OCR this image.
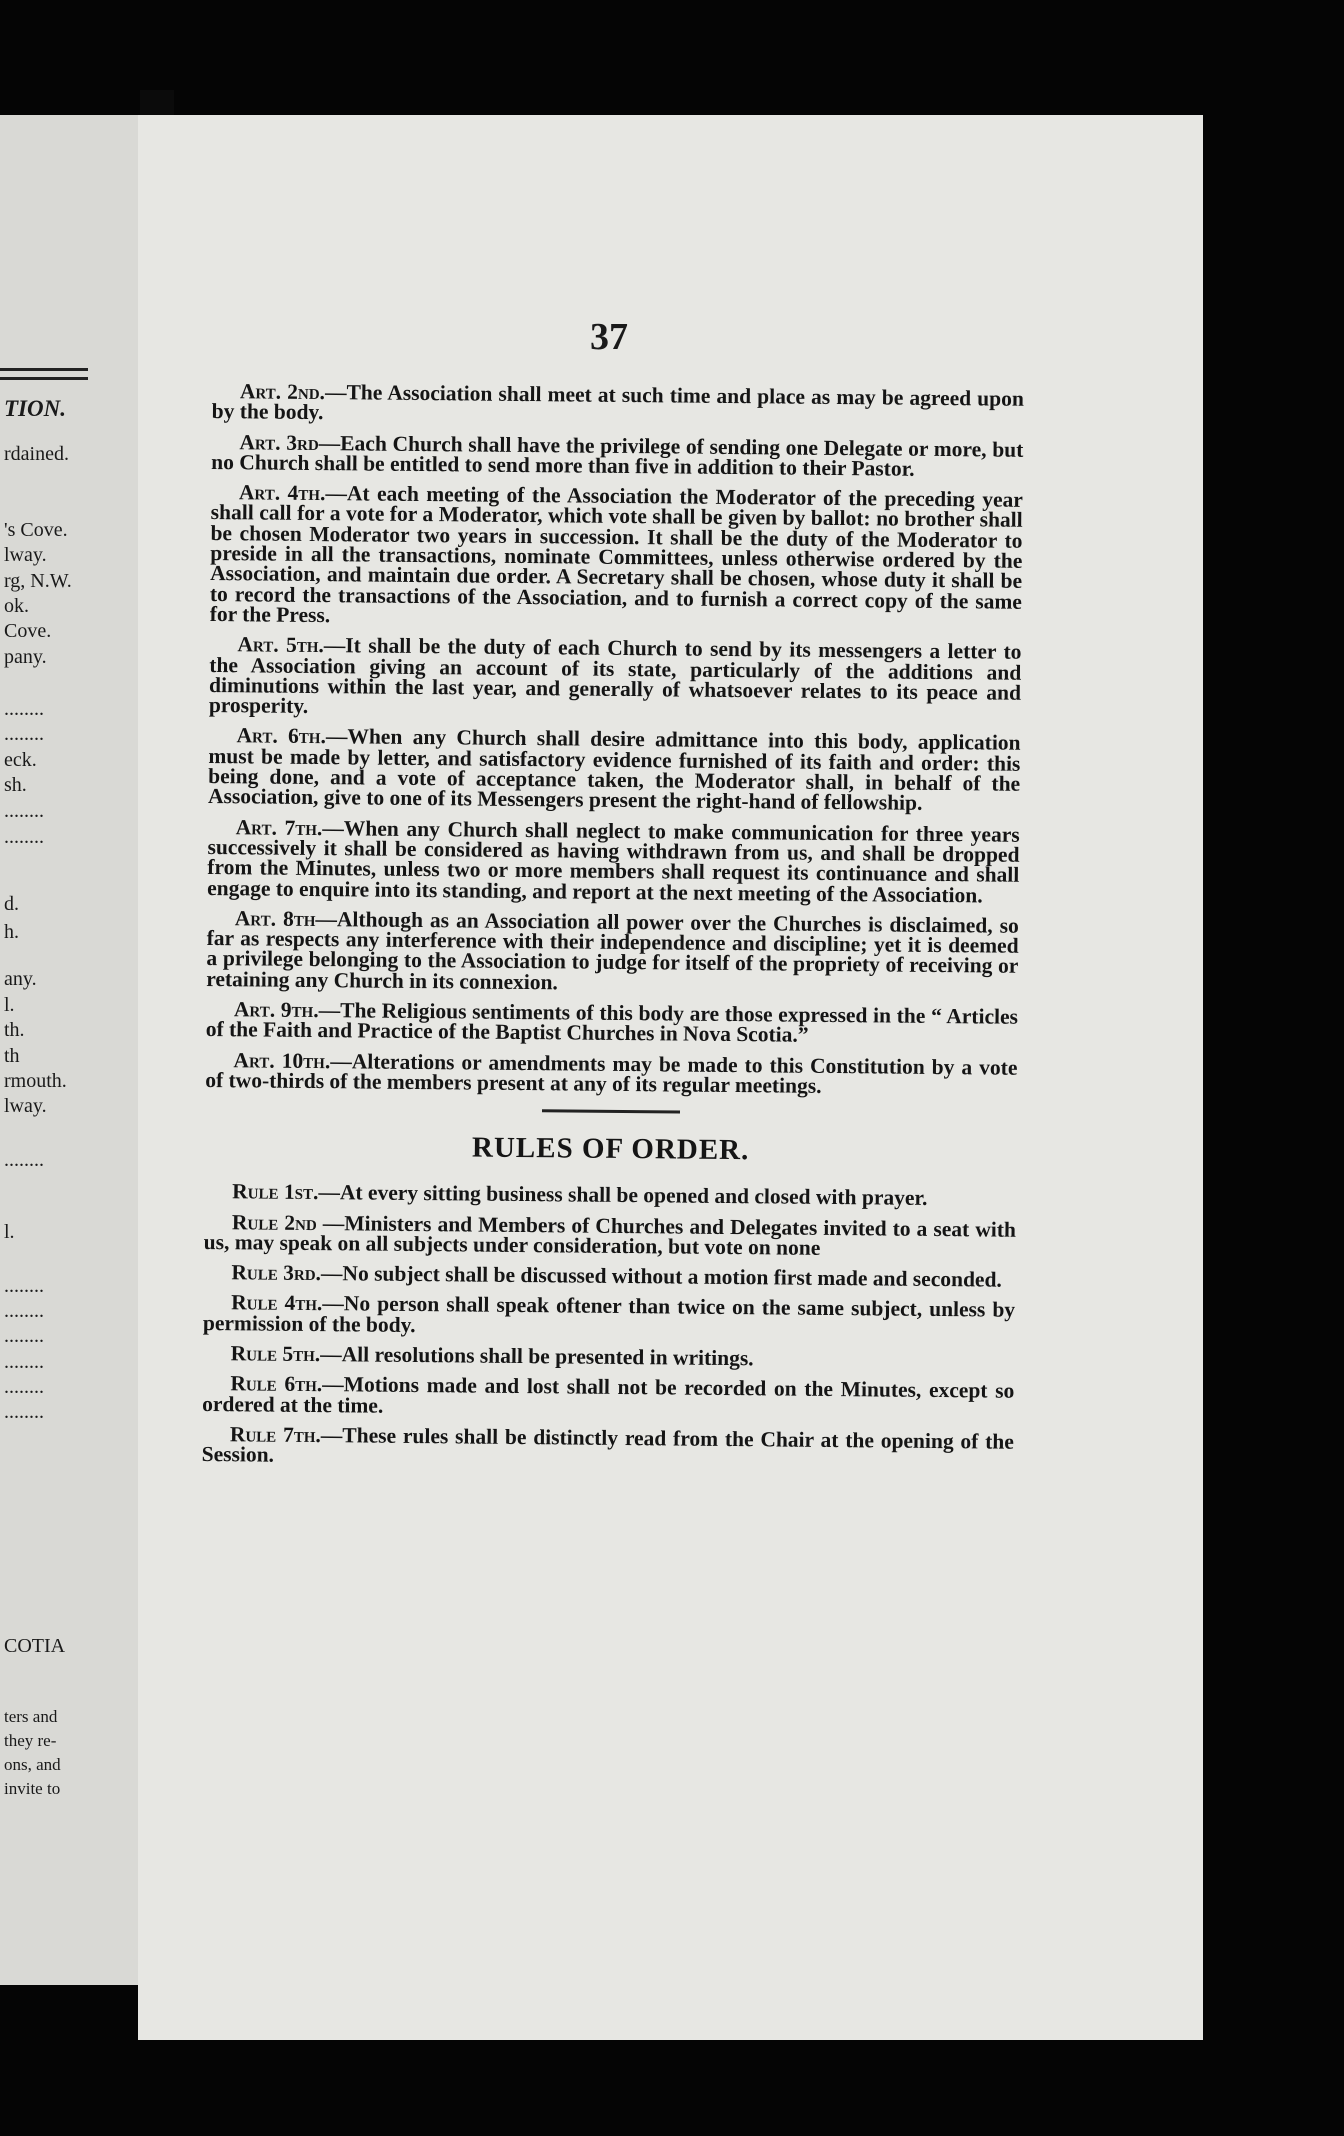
TION.
rdained.
's Cove.
lway.
rg, N.W.
ok.
Cove.
pany.
........
........
eck.
sh.
........
........
d.
h.
any.
l.
th.
th
rmouth.
lway.
........
l.
........
........
........
........
........
........
COTIA
ters and
they re-
ons, and
invite to
37

Art. 2nd.—The Association shall meet at such time and place as may be agreed upon by the body.

Art. 3rd—Each Church shall have the privilege of sending one Delegate or more, but no Church shall be entitled to send more than five in addition to their Pastor.

Art. 4th.—At each meeting of the Association the Moderator of the preceding year shall call for a vote for a Moderator, which vote shall be given by ballot: no brother shall be chosen Moderator two years in succession. It shall be the duty of the Moderator to preside in all the transactions, nominate Committees, unless otherwise ordered by the Association, and maintain due order. A Secretary shall be chosen, whose duty it shall be to record the transactions of the Association, and to furnish a correct copy of the same for the Press.

Art. 5th.—It shall be the duty of each Church to send by its messengers a letter to the Association giving an account of its state, particularly of the additions and diminutions within the last year, and generally of whatsoever relates to its peace and prosperity.

Art. 6th.—When any Church shall desire admittance into this body, application must be made by letter, and satisfactory evidence furnished of its faith and order: this being done, and a vote of acceptance taken, the Moderator shall, in behalf of the Association, give to one of its Messengers present the right-hand of fellowship.

Art. 7th.—When any Church shall neglect to make communication for three years successively it shall be considered as having withdrawn from us, and shall be dropped from the Minutes, unless two or more members shall request its continuance and shall engage to enquire into its standing, and report at the next meeting of the Association.

Art. 8th—Although as an Association all power over the Churches is disclaimed, so far as respects any interference with their independence and discipline; yet it is deemed a privilege belonging to the Association to judge for itself of the propriety of receiving or retaining any Church in its connexion.

Art. 9th.—The Religious sentiments of this body are those expressed in the “ Articles of the Faith and Practice of the Baptist Churches in Nova Scotia.”

Art. 10th.—Alterations or amendments may be made to this Constitution by a vote of two-thirds of the members present at any of its regular meetings.

RULES OF ORDER.

Rule 1st.—At every sitting business shall be opened and closed with prayer.

Rule 2nd —Ministers and Members of Churches and Delegates invited to a seat with us, may speak on all subjects under consideration, but vote on none

Rule 3rd.—No subject shall be discussed without a motion first made and seconded.

Rule 4th.—No person shall speak oftener than twice on the same subject, unless by permission of the body.

Rule 5th.—All resolutions shall be presented in writings.

Rule 6th.—Motions made and lost shall not be recorded on the Minutes, except so ordered at the time.

Rule 7th.—These rules shall be distinctly read from the Chair at the opening of the Session.
